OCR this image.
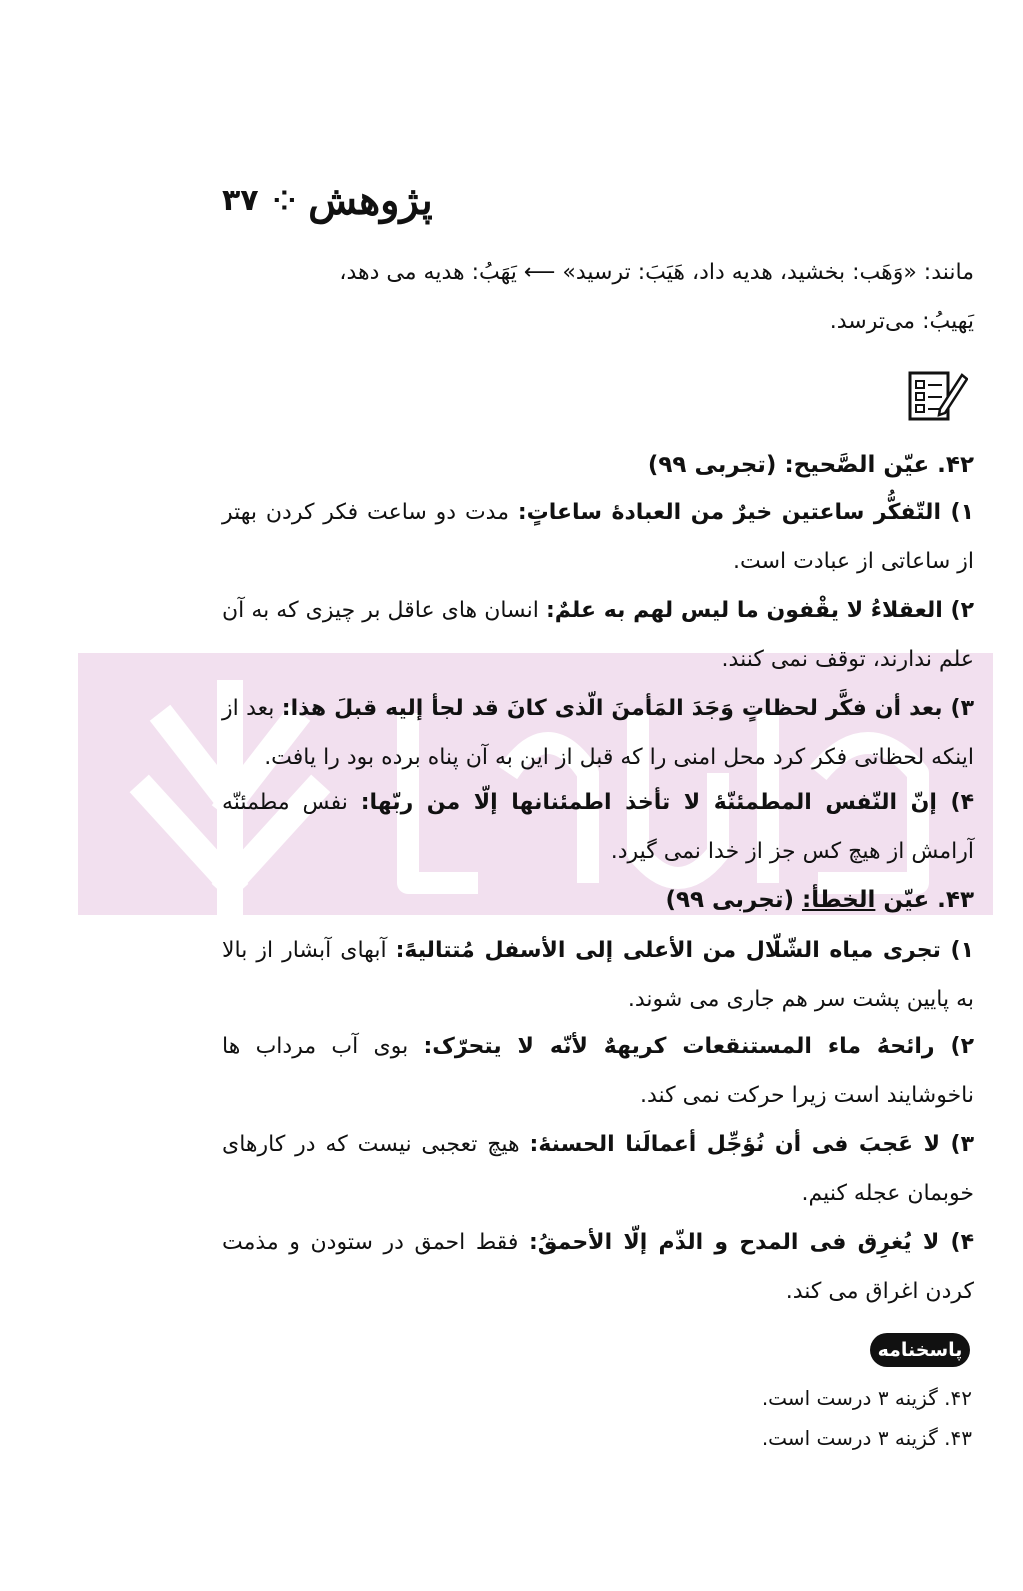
۳۷ ⁘ پژوهش
مانند: «وَهَب: بخشید، هدیه داد، هَیَبَ: ترسید» ⟵ یَهَبُ: هدیه می دهد،
یَهیبُ: می‌ترسد.
۴۲. عیّن الصَّحیح: (تجربی ۹۹)
۱) التّفکُّر ساعتین خیرٌ من العبادهٔ ساعاتٍ: مدت دو ساعت فکر کردن بهتر از ساعاتی از عبادت است.
۲) العقلاءُ لا یقْفون ما لیس لهم به علمٌ: انسان های عاقل بر چیزی که به آن علم ندارند، توقف نمی کنند.
۳) بعد أن فکَّر لحظاتٍ وَجَدَ المَأمنَ الّذی کانَ قد لجأ إلیه قبلَ هذا: بعد از اینکه لحظاتی فکر کرد محل امنی را که قبل از این به آن پناه برده بود را یافت.
۴) إنّ النّفس المطمئنّهٔ لا تأخذ اطمئنانها إلّا من ربّها: نفس مطمئنّه آرامش از هیچ کس جز از خدا نمی گیرد.
۴۳. عیّن الخطأ: (تجربی ۹۹)
۱) تجری میاه الشّلّال من الأعلی إلی الأسفل مُتتالیهً: آبهای آبشار از بالا به پایین پشت سر هم جاری می شوند.
۲) رائحهُ ماء المستنقعات کریههٌ لأنّه لا یتحرّک: بوی آب مرداب ها ناخوشایند است زیرا حرکت نمی کند.
۳) لا عَجبَ فی أن نُؤجِّل أعمالَنا الحسنهٔ: هیچ تعجبی نیست که در کارهای خوبمان عجله کنیم.
۴) لا یُغرِق فی المدح و الذّم إلّا الأحمقُ: فقط احمق در ستودن و مذمت کردن اغراق می کند.
پاسخنامه
۴۲. گزینه ۳ درست است.
۴۳. گزینه ۳ درست است.
